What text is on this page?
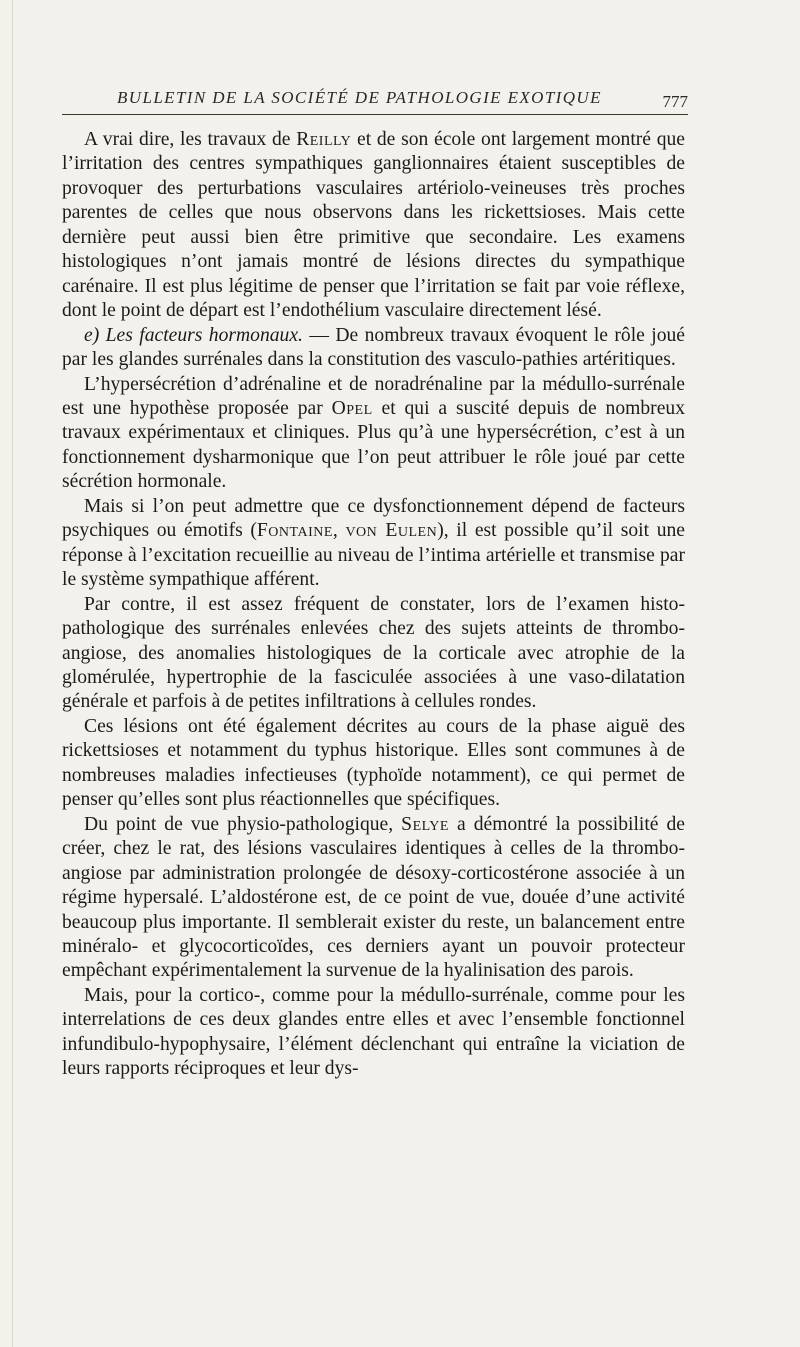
BULLETIN DE LA SOCIÉTÉ DE PATHOLOGIE EXOTIQUE	777

A vrai dire, les travaux de Reilly et de son école ont largement montré que l’irritation des centres sympathiques ganglionnaires étaient susceptibles de provoquer des perturbations vasculaires artériolo-veineuses très proches parentes de celles que nous observons dans les rickettsioses. Mais cette dernière peut aussi bien être primitive que secondaire. Les examens histologiques n’ont jamais montré de lésions directes du sympathique carénaire. Il est plus légitime de penser que l’irritation se fait par voie réflexe, dont le point de départ est l’endothélium vasculaire directement lésé.

e) Les facteurs hormonaux. — De nombreux travaux évoquent le rôle joué par les glandes surrénales dans la constitution des vasculo-pathies artéritiques.

L’hypersécrétion d’adrénaline et de noradrénaline par la médullo-surrénale est une hypothèse proposée par Opel et qui a suscité depuis de nombreux travaux expérimentaux et cliniques. Plus qu’à une hypersécrétion, c’est à un fonctionnement dysharmonique que l’on peut attribuer le rôle joué par cette sécrétion hormonale.

Mais si l’on peut admettre que ce dysfonctionnement dépend de facteurs psychiques ou émotifs (Fontaine, von Eulen), il est possible qu’il soit une réponse à l’excitation recueillie au niveau de l’intima artérielle et transmise par le système sympathique afférent.

Par contre, il est assez fréquent de constater, lors de l’examen histo-pathologique des surrénales enlevées chez des sujets atteints de thrombo-angiose, des anomalies histologiques de la corticale avec atrophie de la glomérulée, hypertrophie de la fasciculée associées à une vaso-dilatation générale et parfois à de petites infiltrations à cellules rondes.

Ces lésions ont été également décrites au cours de la phase aiguë des rickettsioses et notamment du typhus historique. Elles sont communes à de nombreuses maladies infectieuses (typhoïde notamment), ce qui permet de penser qu’elles sont plus réactionnelles que spécifiques.

Du point de vue physio-pathologique, Selye a démontré la possibilité de créer, chez le rat, des lésions vasculaires identiques à celles de la thrombo-angiose par administration prolongée de désoxy-corticostérone associée à un régime hypersalé. L’aldostérone est, de ce point de vue, douée d’une activité beaucoup plus importante. Il semblerait exister du reste, un balancement entre minéralo- et glycocorticoïdes, ces derniers ayant un pouvoir protecteur empêchant expérimentalement la survenue de la hyalinisation des parois.

Mais, pour la cortico-, comme pour la médullo-surrénale, comme pour les interrelations de ces deux glandes entre elles et avec l’ensemble fonctionnel infundibulo-hypophysaire, l’élément déclenchant qui entraîne la viciation de leurs rapports réciproques et leur dys-
